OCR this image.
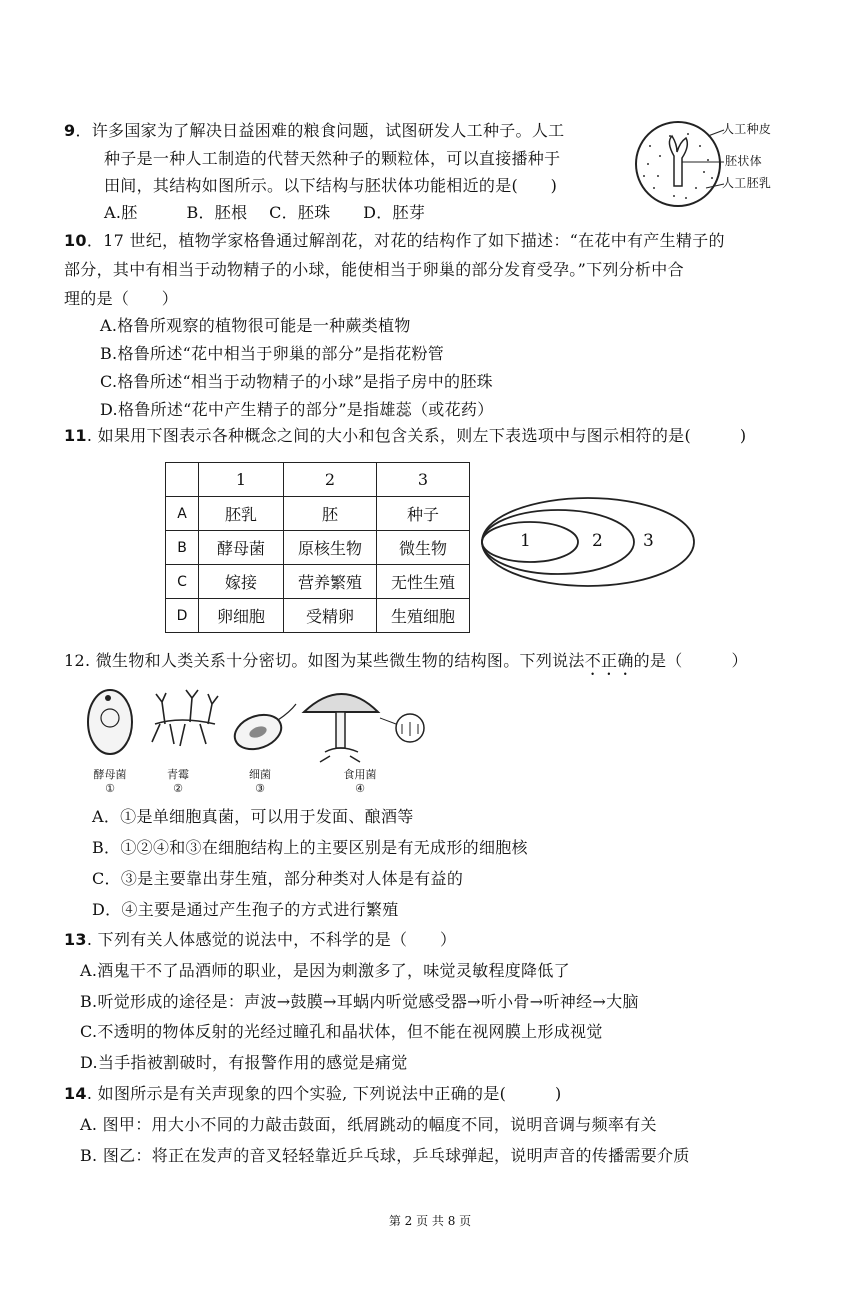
9．许多国家为了解决日益困难的粮食问题，试图研发人工种子。人工
种子是一种人工制造的代替天然种子的颗粒体，可以直接播种于
田间，其结构如图所示。以下结构与胚状体功能相近的是(　　)
A.胚　　　B．胚根　 C．胚珠　　D．胚芽
人工种皮
胚状体
人工胚乳
10．17 世纪，植物学家格鲁通过解剖花，对花的结构作了如下描述：“在花中有产生精子的
部分，其中有相当于动物精子的小球，能使相当于卵巢的部分发育受孕。”下列分析中合
理的是（　　）
A.格鲁所观察的植物很可能是一种蕨类植物
B.格鲁所述“花中相当于卵巢的部分”是指花粉管
C.格鲁所述“相当于动物精子的小球”是指子房中的胚珠
D.格鲁所述“花中产生精子的部分”是指雄蕊（或花药）
11. 如果用下图表示各种概念之间的大小和包含关系，则左下表选项中与图示相符的是(　　　)
	1	2	3
A	胚乳	胚	种子
B	酵母菌	原核生物	微生物
C	嫁接	营养繁殖	无性生殖
D	卵细胞	受精卵	生殖细胞
1	2 3
12. 微生物和人类关系十分密切。如图为某些微生物的结构图。下列说法不正确的是（　　　）
酵母菌	青霉	细菌	食用菌
①	②	③	④
A．①是单细胞真菌，可以用于发面、酿酒等
B．①②④和③在细胞结构上的主要区别是有无成形的细胞核
C．③是主要靠出芽生殖，部分种类对人体是有益的
D．④主要是通过产生孢子的方式进行繁殖
13. 下列有关人体感觉的说法中，不科学的是（　　）
A.酒鬼干不了品酒师的职业，是因为刺激多了，味觉灵敏程度降低了
B.听觉形成的途径是：声波→鼓膜→耳蜗内听觉感受器→听小骨→听神经→大脑
C.不透明的物体反射的光经过瞳孔和晶状体，但不能在视网膜上形成视觉
D.当手指被割破时，有报警作用的感觉是痛觉
14. 如图所示是有关声现象的四个实验, 下列说法中正确的是(　　　)
A. 图甲：用大小不同的力敲击鼓面，纸屑跳动的幅度不同，说明音调与频率有关
B. 图乙：将正在发声的音叉轻轻靠近乒乓球，乒乓球弹起，说明声音的传播需要介质
第 2 页 共 8 页
